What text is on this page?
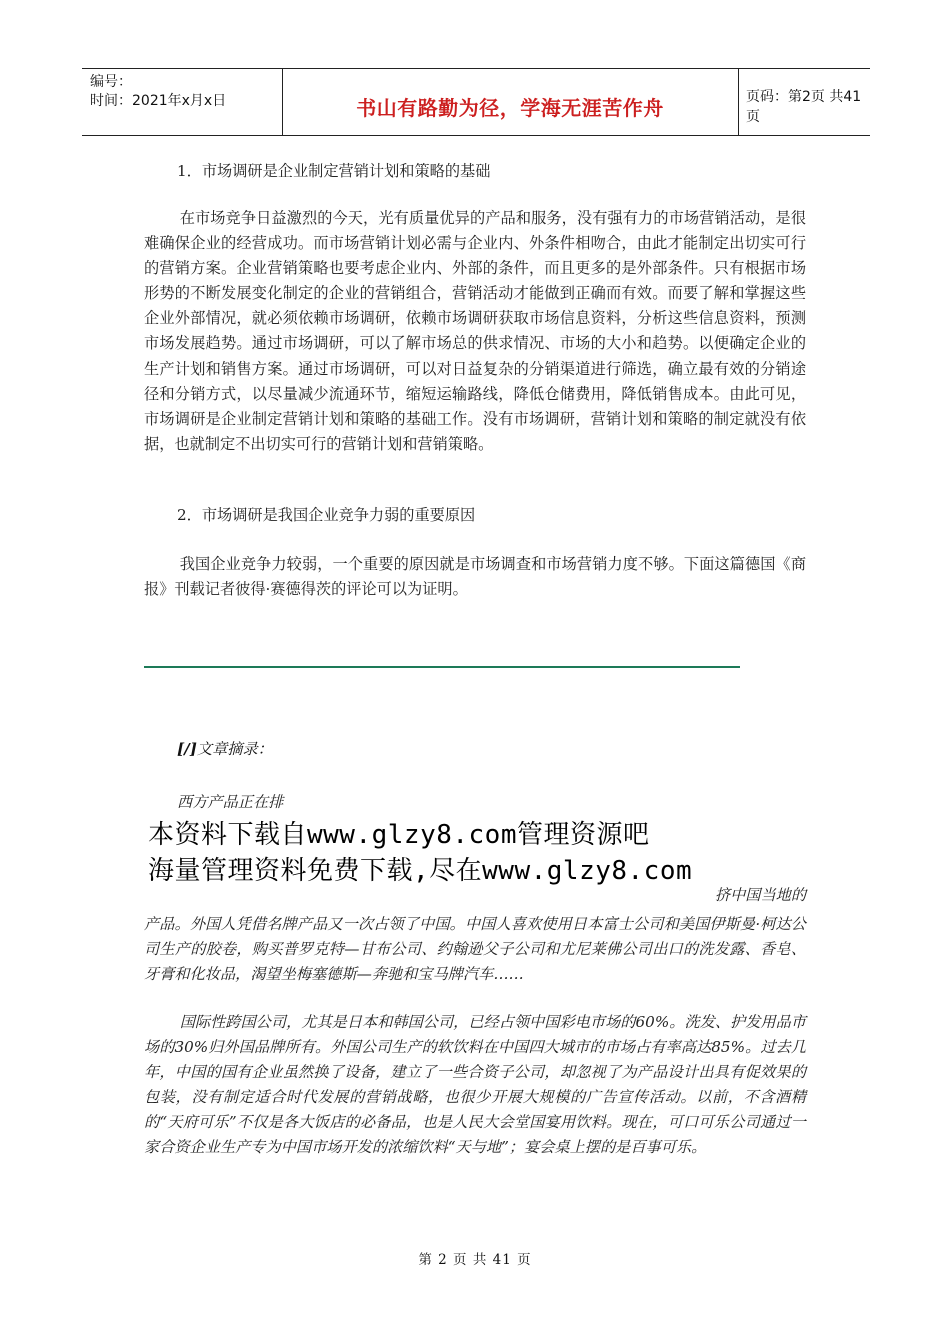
编号：
时间：2021年x月x日	书山有路勤为径，学海无涯苦作舟	页码：第2页 共41页
1．市场调研是企业制定营销计划和策略的基础

在市场竞争日益激烈的今天，光有质量优异的产品和服务，没有强有力的市场营销活动，是很难确保企业的经营成功。而市场营销计划必需与企业内、外条件相吻合，由此才能制定出切实可行的营销方案。企业营销策略也要考虑企业内、外部的条件，而且更多的是外部条件。只有根据市场形势的不断发展变化制定的企业的营销组合，营销活动才能做到正确而有效。而要了解和掌握这些企业外部情况，就必须依赖市场调研，依赖市场调研获取市场信息资料，分析这些信息资料，预测市场发展趋势。通过市场调研，可以了解市场总的供求情况、市场的大小和趋势。以便确定企业的生产计划和销售方案。通过市场调研，可以对日益复杂的分销渠道进行筛选，确立最有效的分销途径和分销方式，以尽量减少流通环节，缩短运输路线，降低仓储费用，降低销售成本。由此可见，市场调研是企业制定营销计划和策略的基础工作。没有市场调研，营销计划和策略的制定就没有依据，也就制定不出切实可行的营销计划和营销策略。

2．市场调研是我国企业竞争力弱的重要原因

我国企业竞争力较弱，一个重要的原因就是市场调查和市场营销力度不够。下面这篇德国《商报》刊载记者彼得·赛德得茨的评论可以为证明。

[/]文章摘录：
西方产品正在排
本资料下载自www.glzy8.com管理资源吧
海量管理资料免费下载,尽在www.glzy8.com
挤中国当地的

产品。外国人凭借名牌产品又一次占领了中国。中国人喜欢使用日本富士公司和美国伊斯曼·柯达公司生产的胶卷，购买普罗克特—甘布公司、约翰逊父子公司和尤尼莱佛公司出口的洗发露、香皂、牙膏和化妆品，渴望坐梅塞德斯—奔驰和宝马牌汽车……

国际性跨国公司，尤其是日本和韩国公司，已经占领中国彩电市场的60%。洗发、护发用品市场的30%归外国品牌所有。外国公司生产的软饮料在中国四大城市的市场占有率高达85%。过去几年，中国的国有企业虽然换了设备，建立了一些合资子公司，却忽视了为产品设计出具有促效果的包装，没有制定适合时代发展的营销战略，也很少开展大规模的广告宣传活动。以前，不含酒精的“天府可乐”不仅是各大饭店的必备品，也是人民大会堂国宴用饮料。现在，可口可乐公司通过一家合资企业生产专为中国市场开发的浓缩饮料“天与地”；宴会桌上摆的是百事可乐。

第 2 页 共 41 页
